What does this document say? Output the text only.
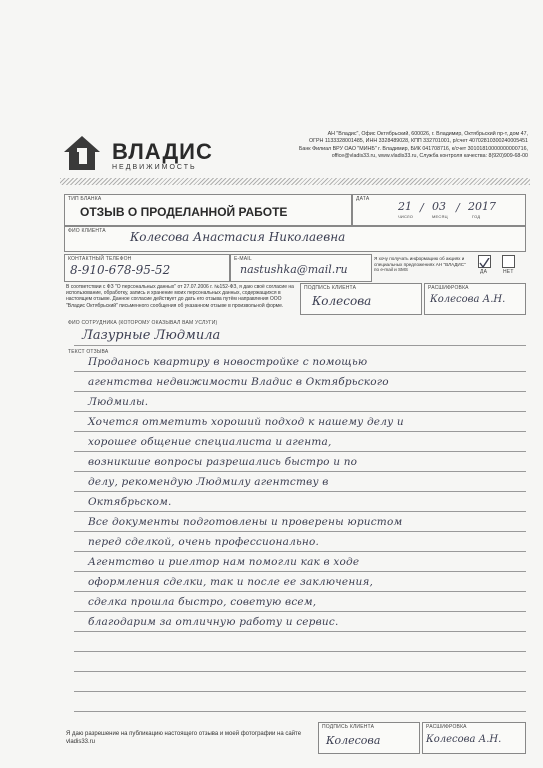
ВЛАДИС
НЕДВИЖИМОСТЬ
АН "Владис", Офис Октябрьский, 600026, г. Владимир, Октябрьский пр-т, дом 47,
ОГРН 1133328001485, ИНН 3328489028, КПП 332701001, р/счет 40702810300240005451
Банк Филиал ВРУ ОАО "МИНБ" г. Владимир, БИК 041708716, к/счет 30101810000000000716,
office@vladis33.ru, www.vladis33.ru, Служба контроля качества: 8(920)909-68-00
ТИП БЛАНКА
ОТЗЫВ О ПРОДЕЛАННОЙ РАБОТЕ
ДАТА
21 / 03 / 2017
ЧИСЛО	МЕСЯЦ	ГОД
ФИО КЛИЕНТА Колесова Анастасия Николаевна
КОНТАКТНЫЙ ТЕЛЕФОН
8-910-678-95-52
E-MAIL
nastushka@mail.ru
Я хочу получать информацию об акциях и специальных предложениях АН "ВЛАДИС" по e-mail и SMS	ДА	НЕТ
В соответствии с ФЗ "О персональных данных" от 27.07.2006 г. №152-ФЗ, я даю своё согласие на использование, обработку, запись и хранение моих персональных данных, содержащихся в настоящем отзыве. Данное согласие действует до дать его отзыва путём направления ООО "Владис Октябрьский" письменного сообщения об указанном отзыве в произвольной форме.
ПОДПИСЬ КЛИЕНТА
Колесова
РАСШИФРОВКА
Колесова А.Н.
ФИО СОТРУДНИКА (КОТОРОМУ ОКАЗЫВАЛ ВАМ УСЛУГИ)
Лазурные Людмила
ТЕКСТ ОТЗЫВА
Пpoданоcь квартиру в новостройке с помощью
агентства недвижимости Владис в Октябрьского
Людмилы.
Хочется отметить хороший подход к нашему делу и
хорошее общение специалиста и агента,
возникшие вопросы разрешались быстро и по
делу, рекомендую Людмилу агентству в
Октябрьском.
Все документы подготовлены и проверены юристом
перед сделкой, очень профессионально.
Агентство и риелтор нам помогли как в ходе
оформления сделки, так и после ее заключения,
сделка прошла быстро, советую всем,
благодарим за отличную работу и сервис.
Я даю разрешение на публикацию настоящего отзыва и моей фотографии на сайте vladis33.ru
ПОДПИСЬ КЛИЕНТА
Колесова
РАСШИФРОВКА
Колесова А.Н.
